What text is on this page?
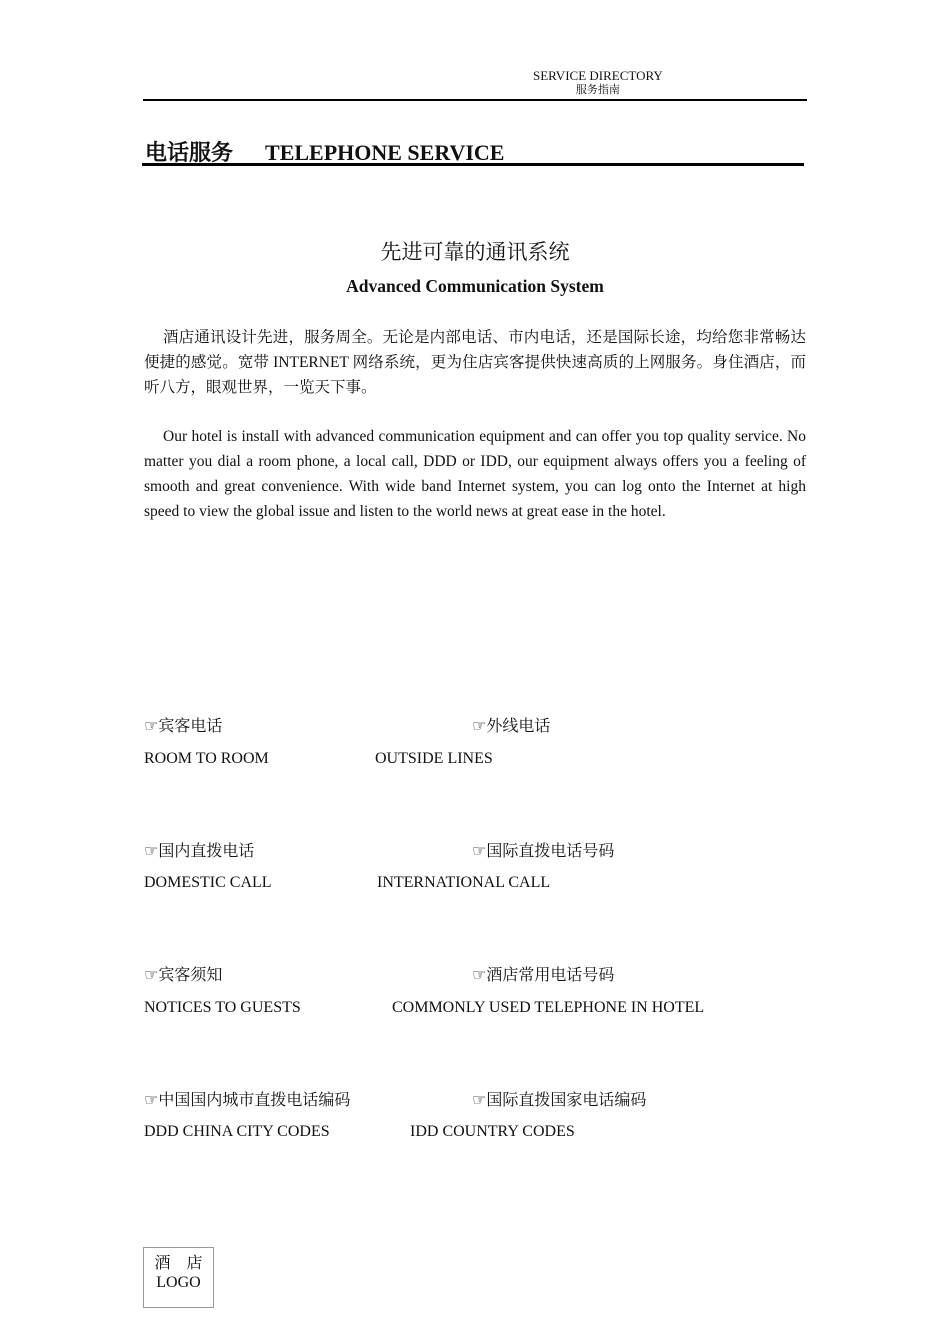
SERVICE DIRECTORY
服务指南
电话服务 TELEPHONE SERVICE
先进可靠的通讯系统
Advanced Communication System
酒店通讯设计先进，服务周全。无论是内部电话、市内电话，还是国际长途，均给您非常畅达便捷的感觉。宽带 INTERNET 网络系统，更为住店宾客提供快速高质的上网服务。身住酒店，而听八方，眼观世界，一览天下事。
Our hotel is install with advanced communication equipment and can offer you top quality service. No matter you dial a room phone, a local call, DDD or IDD, our equipment always offers you a feeling of smooth and great convenience. With wide band Internet system, you can log onto the Internet at high speed to view the global issue and listen to the world news at great ease in the hotel.
☞宾客电话	☞外线电话
ROOM TO ROOM	OUTSIDE LINES
☞国内直拨电话	☞国际直拨电话号码
DOMESTIC CALL	INTERNATIONAL CALL
☞宾客须知	☞酒店常用电话号码
NOTICES TO GUESTS	COMMONLY USED TELEPHONE IN HOTEL
☞中国国内城市直拨电话编码	☞国际直拨国家电话编码
DDD CHINA CITY CODES	IDD COUNTRY CODES
酒　店
LOGO
